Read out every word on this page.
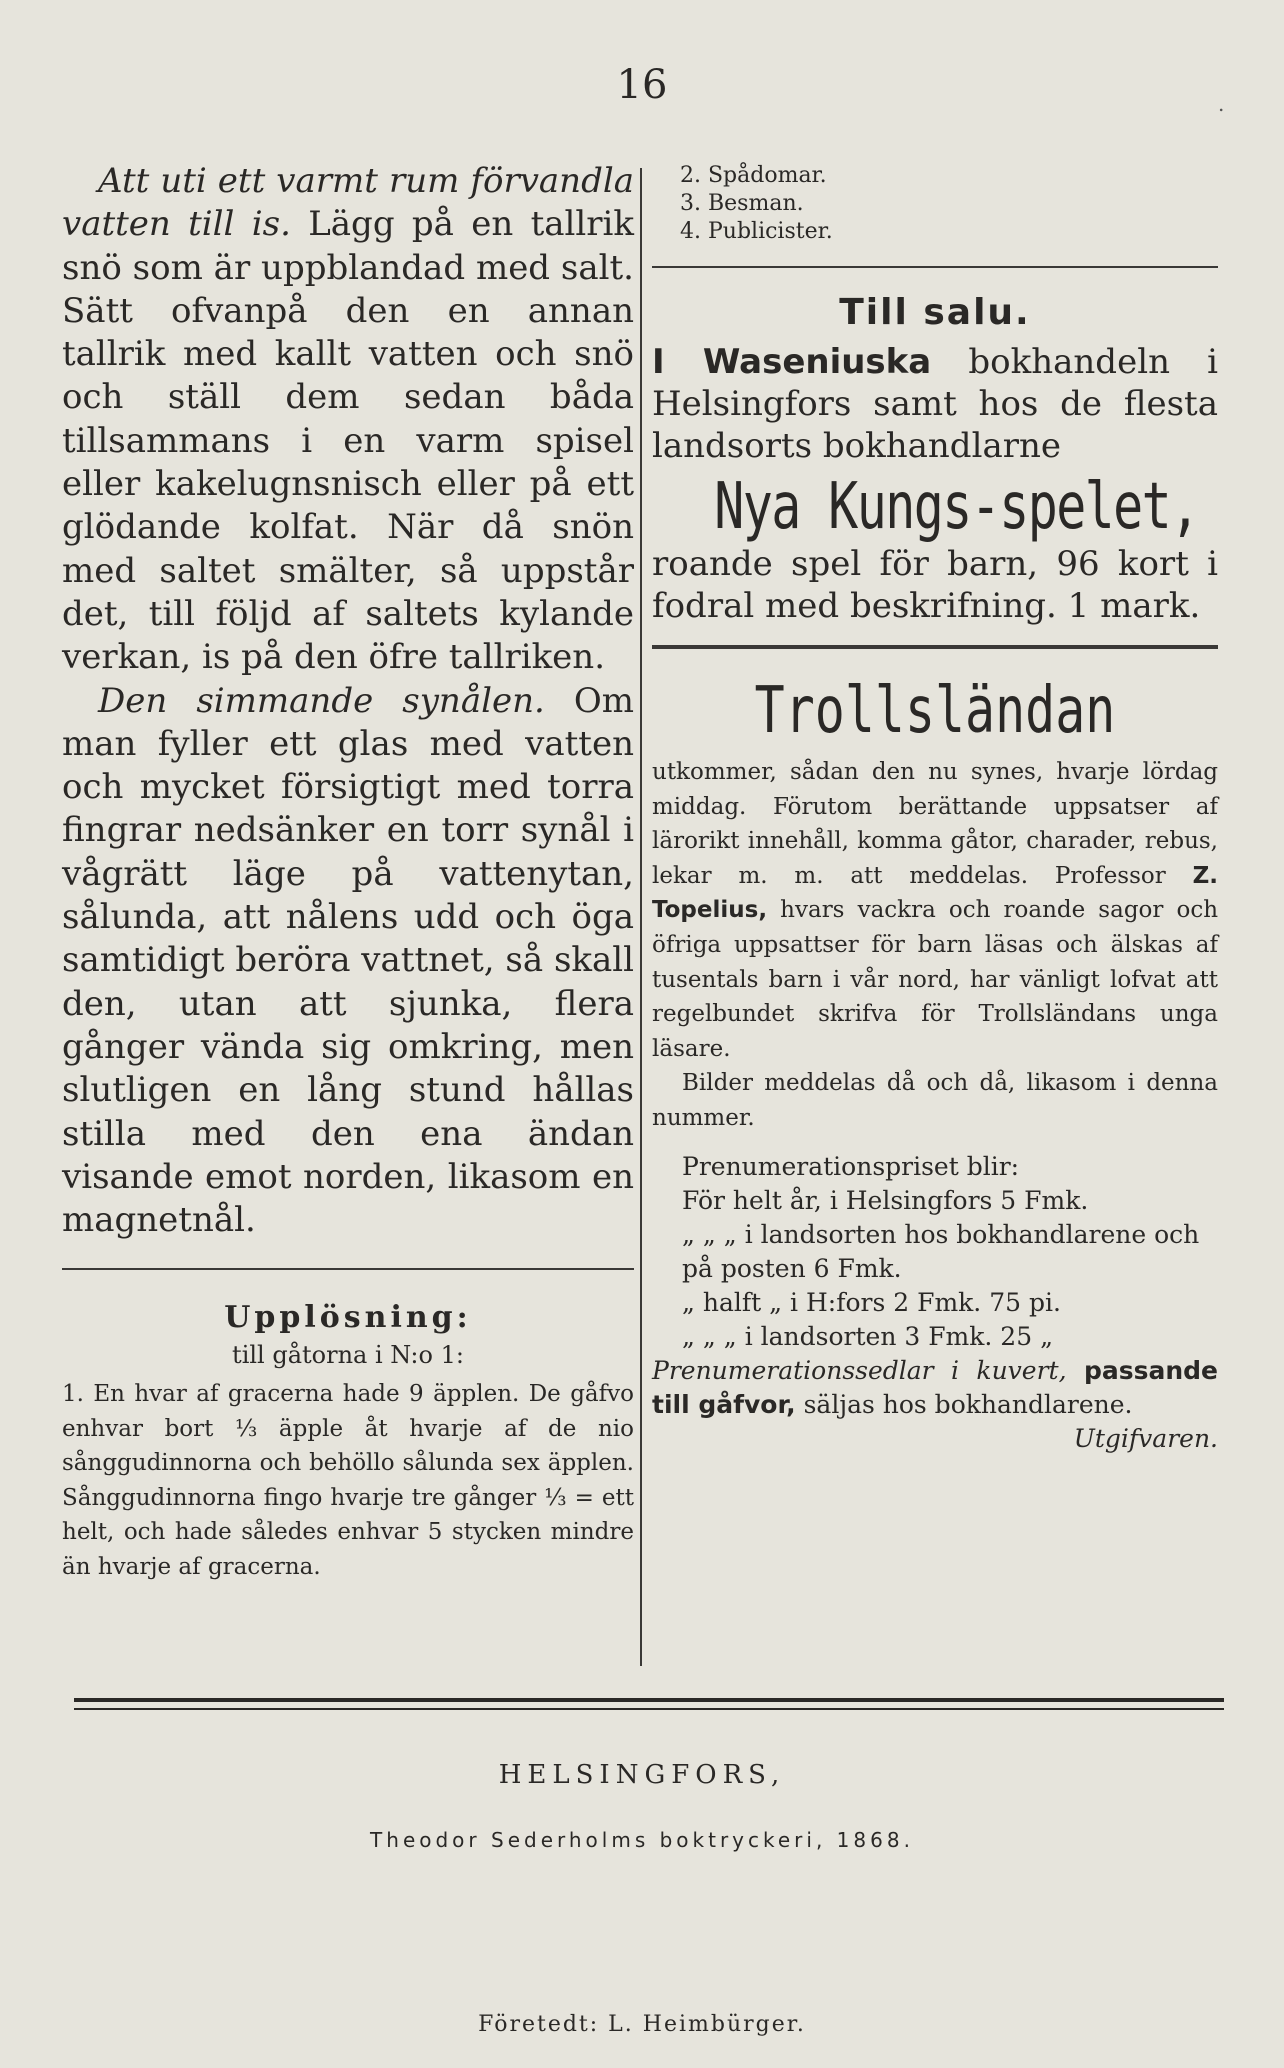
16	.

Att uti ett varmt rum förvandla vatten till is. Lägg på en tallrik snö som är uppblandad med salt. Sätt ofvanpå den en annan tallrik med kallt vatten och snö och ställ dem sedan båda tillsammans i en varm spisel eller kakelugnsnisch eller på ett glödande kolfat. När då snön med saltet smälter, så uppstår det, till följd af saltets kylande verkan, is på den öfre tallriken.

Den simmande synålen. Om man fyller ett glas med vatten och mycket försigtigt med torra fingrar nedsänker en torr synål i vågrätt läge på vattenytan, sålunda, att nålens udd och öga samtidigt beröra vattnet, så skall den, utan att sjunka, flera gånger vända sig omkring, men slutligen en lång stund hållas stilla med den ena ändan visande emot norden, likasom en magnetnål.

Upplösning:

till gåtorna i N:o 1:

1. En hvar af gracerna hade 9 äpplen. De gåfvo enhvar bort ⅓ äpple åt hvarje af de nio sånggudinnorna och behöllo sålunda sex äpplen. Sånggudinnorna fingo hvarje tre gånger ⅓ = ett helt, och hade således enhvar 5 stycken mindre än hvarje af gracerna.

2. Spådomar.

3. Besman.

4. Publicister.

Till salu.

I Waseniuska bokhandeln i Helsingfors samt hos de flesta landsorts bokhandlarne

Nya Kungs-spelet,

roande spel för barn, 96 kort i fodral med beskrifning. 1 mark.

Trollsländan

utkommer, sådan den nu synes, hvarje lördag middag. Förutom berättande uppsatser af lärorikt innehåll, komma gåtor, charader, rebus, lekar m. m. att meddelas. Professor Z. Topelius, hvars vackra och roande sagor och öfriga uppsattser för barn läsas och älskas af tusentals barn i vår nord, har vänligt lofvat att regelbundet skrifva för Trollsländans unga läsare.

Bilder meddelas då och då, likasom i denna nummer.

Prenumerationspriset blir:

För helt år, i Helsingfors 5 Fmk.

„ „ „ i landsorten hos bokhandlarene och på posten 6 Fmk.

„ halft „ i H:fors 2 Fmk. 75 pi.

„ „ „ i landsorten 3 Fmk. 25 „

Prenumerationssedlar i kuvert, passande till gåfvor, säljas hos bokhandlarene.
Utgifvaren.

HELSINGFORS,
Theodor Sederholms boktryckeri, 1868.
Företedt: L. Heimbürger.
